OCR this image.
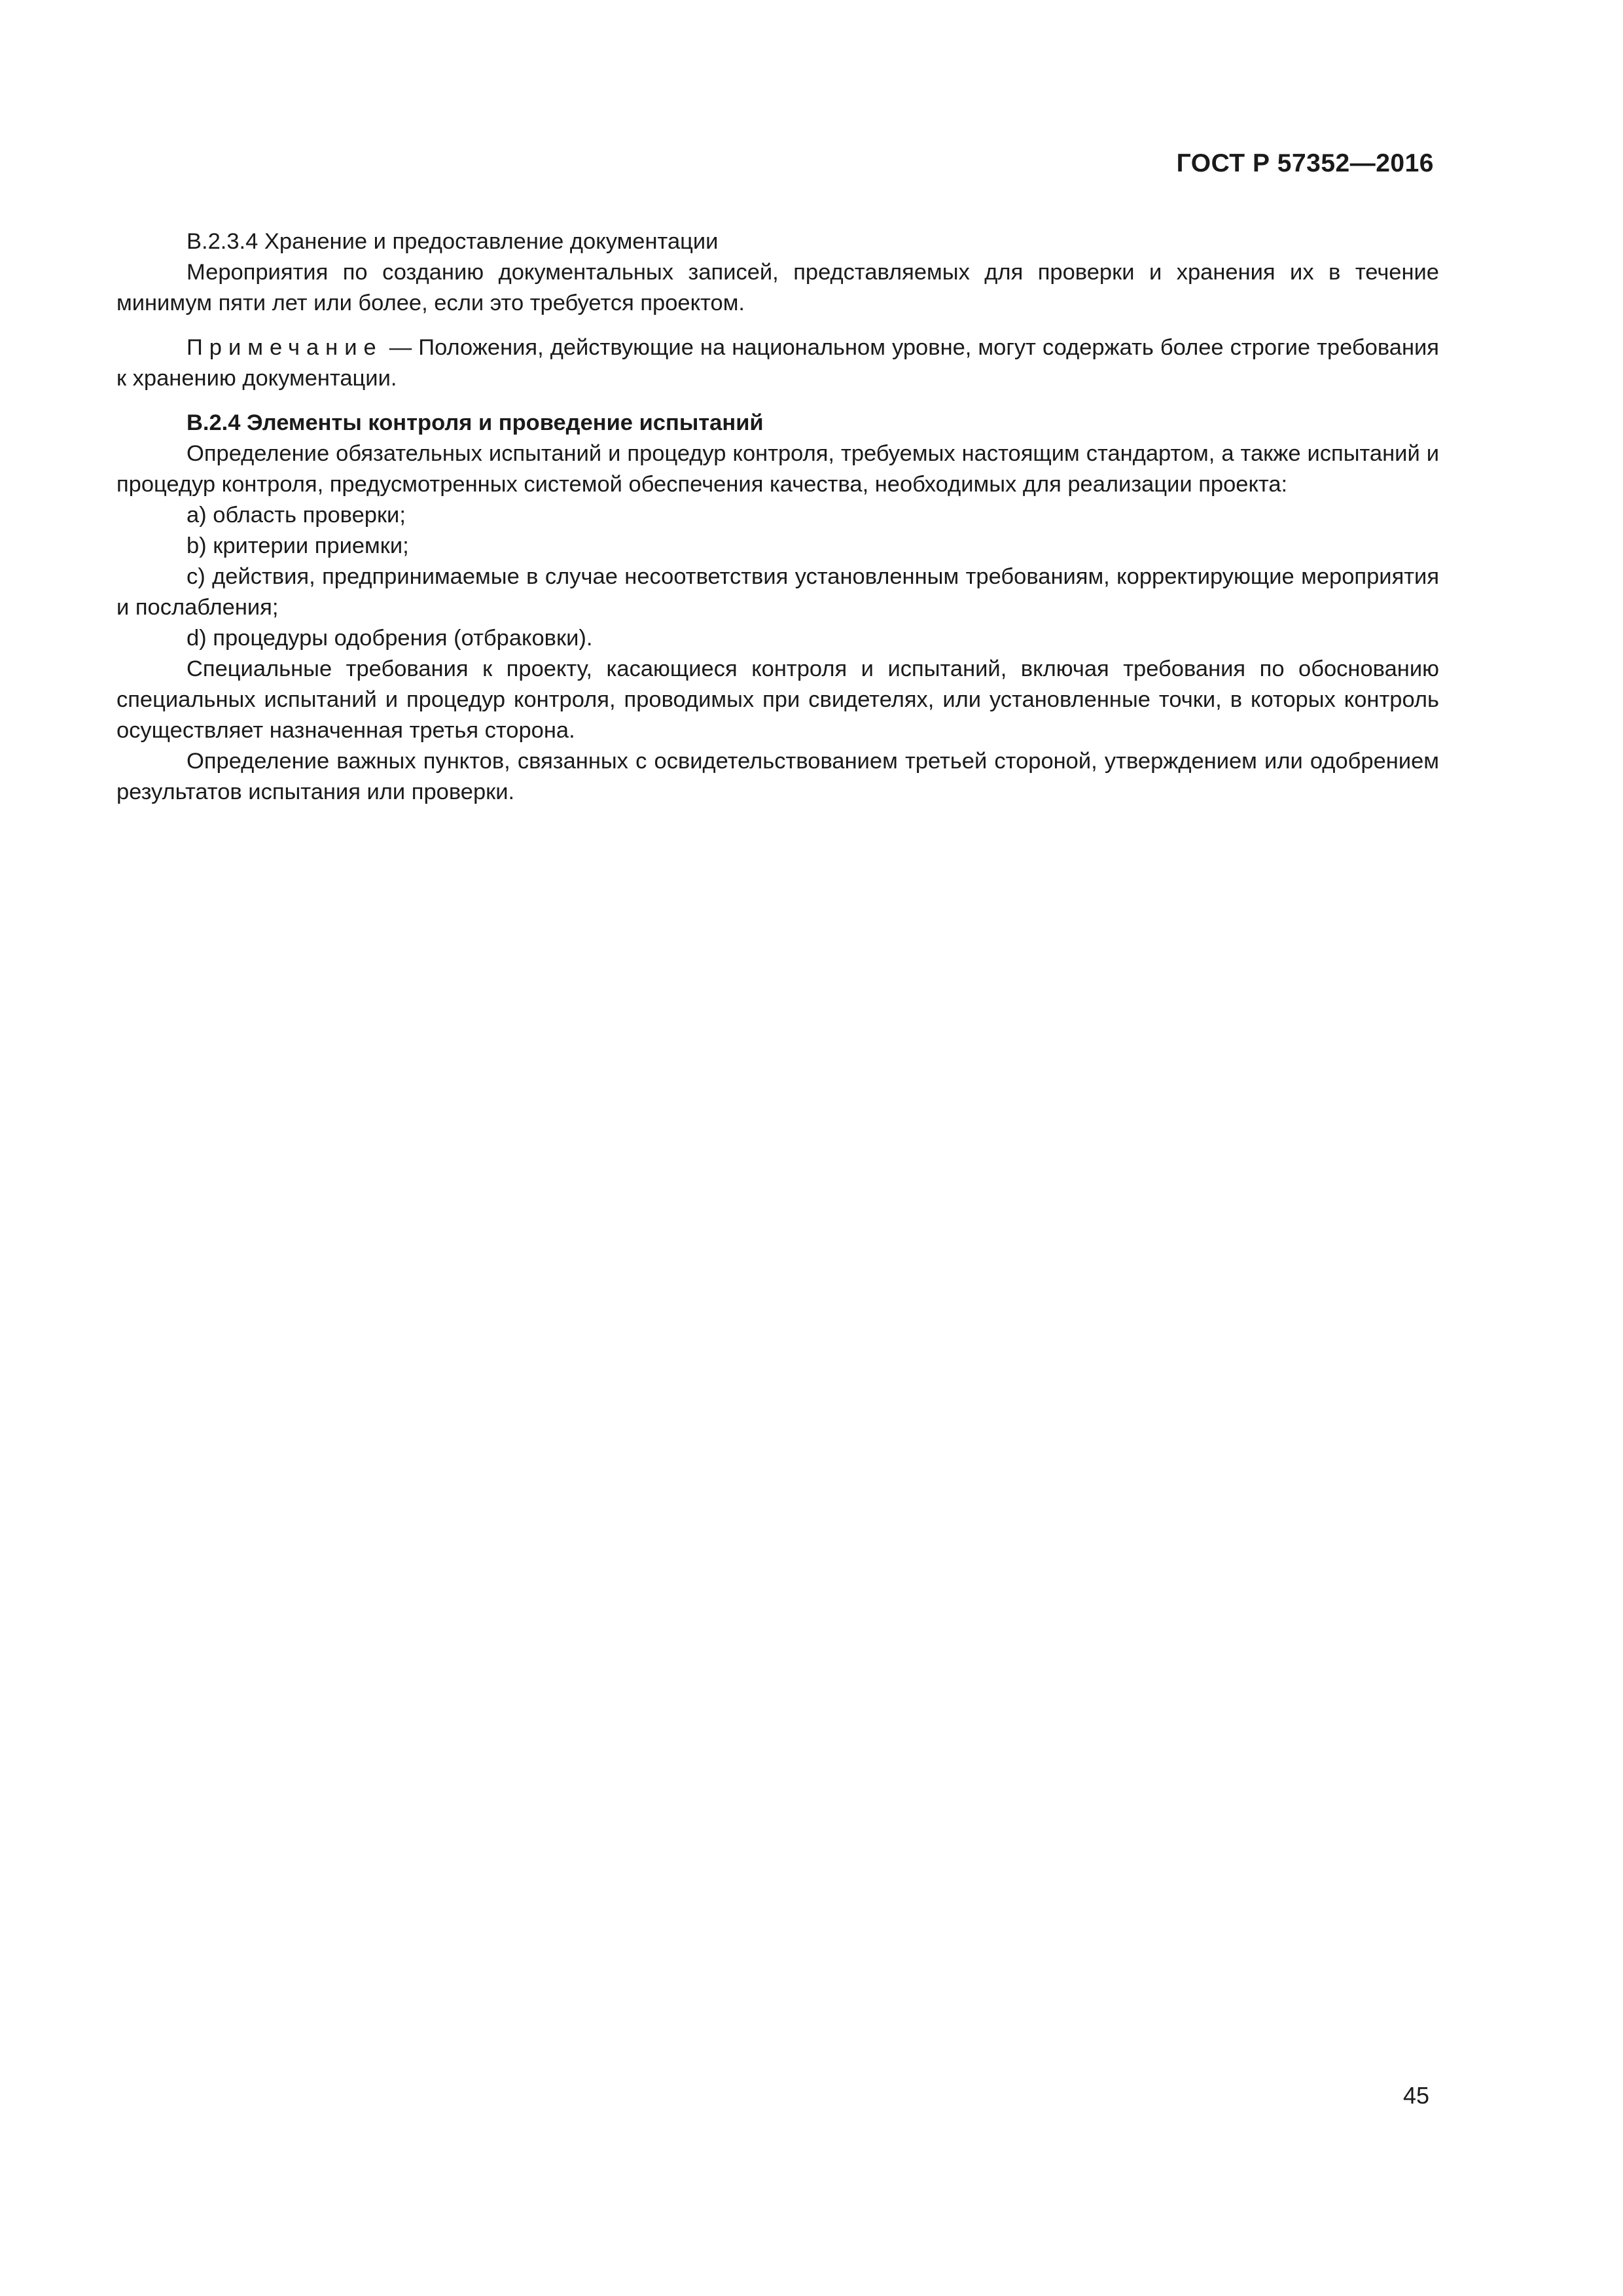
ГОСТ Р 57352—2016

В.2.3.4 Хранение и предоставление документации

Мероприятия по созданию документальных записей, представляемых для проверки и хранения их в течение минимум пяти лет или более, если это требуется проектом.

Примечание — Положения, действующие на национальном уровне, могут содержать более строгие требования к хранению документации.

В.2.4 Элементы контроля и проведение испытаний

Определение обязательных испытаний и процедур контроля, требуемых настоящим стандартом, а также испытаний и процедур контроля, предусмотренных системой обеспечения качества, необходимых для реализации проекта:

a) область проверки;

b) критерии приемки;

c) действия, предпринимаемые в случае несоответствия установленным требованиям, корректирующие мероприятия и послабления;

d) процедуры одобрения (отбраковки).

Специальные требования к проекту, касающиеся контроля и испытаний, включая требования по обоснованию специальных испытаний и процедур контроля, проводимых при свидетелях, или установленные точки, в которых контроль осуществляет назначенная третья сторона.

Определение важных пунктов, связанных с освидетельствованием третьей стороной, утверждением или одобрением результатов испытания или проверки.

45
